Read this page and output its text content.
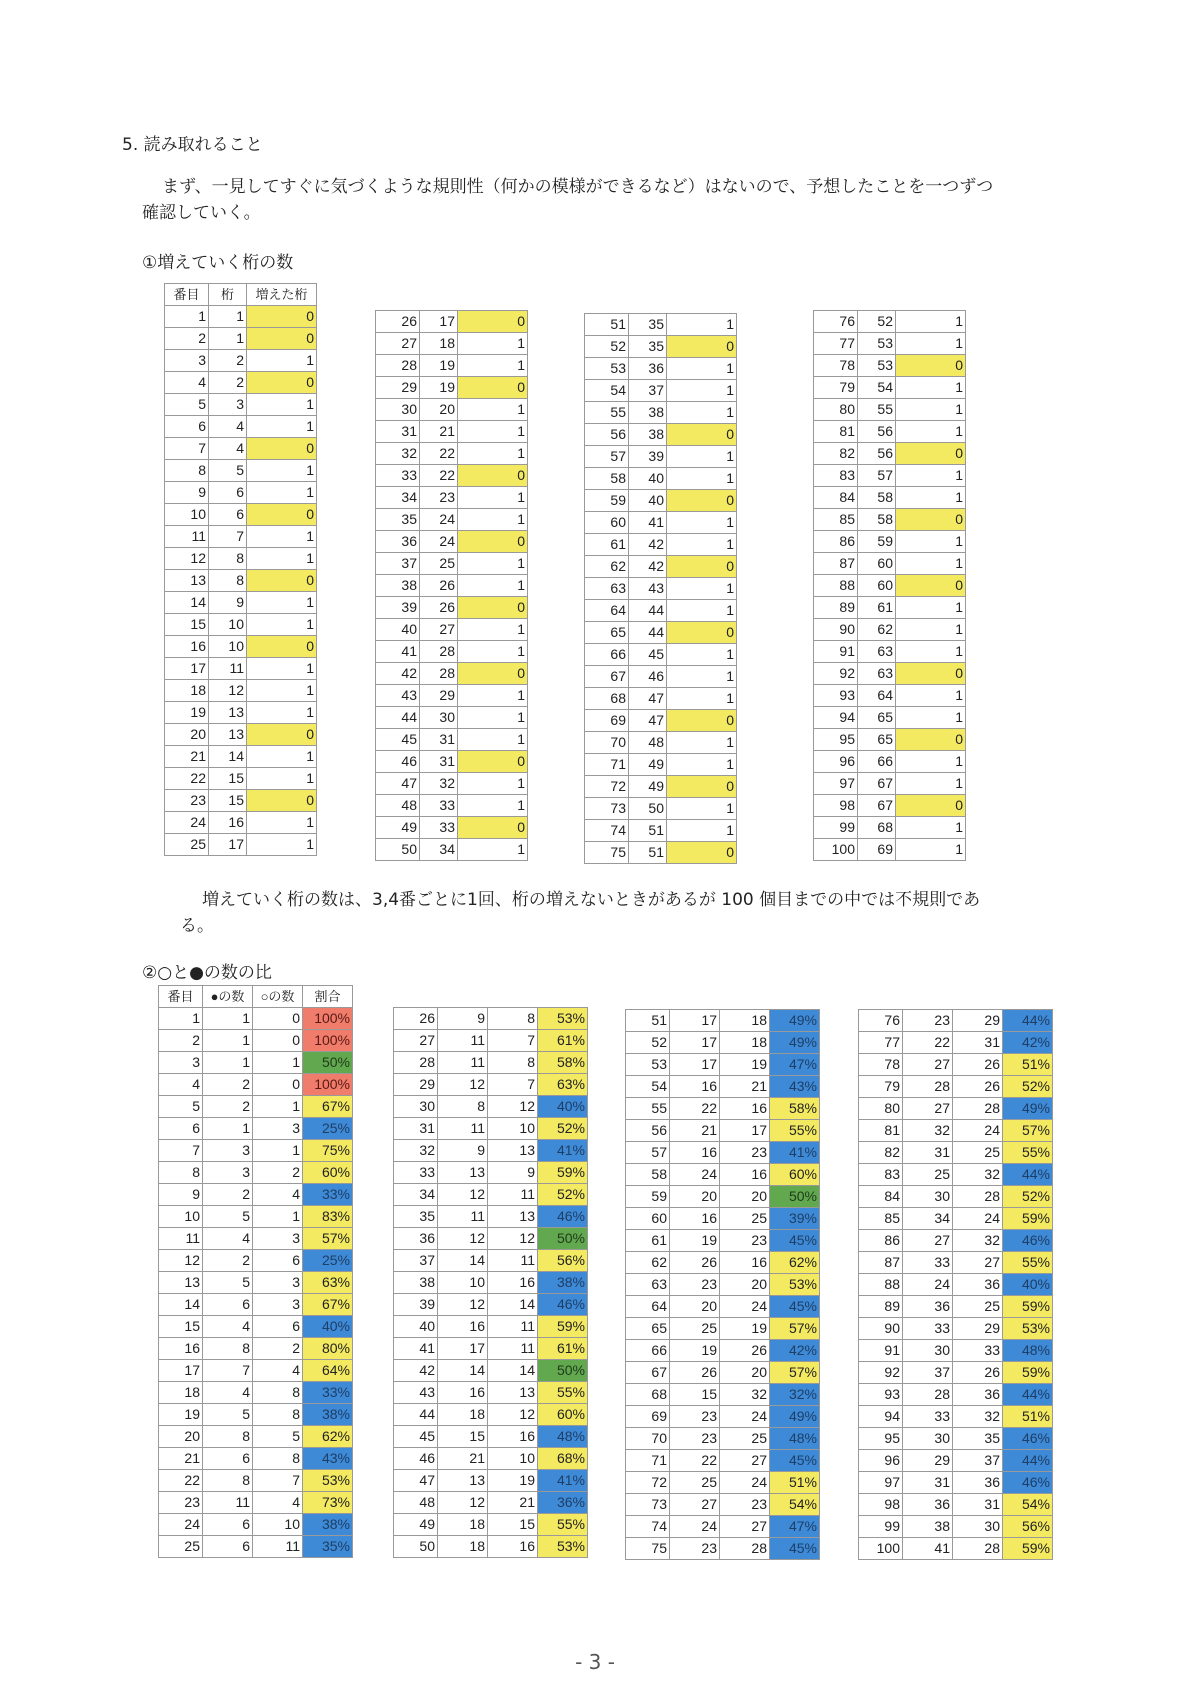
5. 読み取れること
まず、一見してすぐに気づくような規則性（何かの模様ができるなど）はないので、予想したことを一つずつ
確認していく。
①増えていく桁の数
番目	桁	増えた桁
1	1	0
2	1	0
3	2	1
4	2	0
5	3	1
6	4	1
7	4	0
8	5	1
9	6	1
10	6	0
11	7	1
12	8	1
13	8	0
14	9	1
15	10	1
16	10	0
17	11	1
18	12	1
19	13	1
20	13	0
21	14	1
22	15	1
23	15	0
24	16	1
25	17	1
26	17	0
27	18	1
28	19	1
29	19	0
30	20	1
31	21	1
32	22	1
33	22	0
34	23	1
35	24	1
36	24	0
37	25	1
38	26	1
39	26	0
40	27	1
41	28	1
42	28	0
43	29	1
44	30	1
45	31	1
46	31	0
47	32	1
48	33	1
49	33	0
50	34	1
51	35	1
52	35	0
53	36	1
54	37	1
55	38	1
56	38	0
57	39	1
58	40	1
59	40	0
60	41	1
61	42	1
62	42	0
63	43	1
64	44	1
65	44	0
66	45	1
67	46	1
68	47	1
69	47	0
70	48	1
71	49	1
72	49	0
73	50	1
74	51	1
75	51	0
76	52	1
77	53	1
78	53	0
79	54	1
80	55	1
81	56	1
82	56	0
83	57	1
84	58	1
85	58	0
86	59	1
87	60	1
88	60	0
89	61	1
90	62	1
91	63	1
92	63	0
93	64	1
94	65	1
95	65	0
96	66	1
97	67	1
98	67	0
99	68	1
100	69	1
増えていく桁の数は、3,4番ごとに1回、桁の増えないときがあるが 100 個目までの中では不規則であ
る。
②○と●の数の比
番目	●の数	○の数	割合
1	1	0	100%
2	1	0	100%
3	1	1	50%
4	2	0	100%
5	2	1	67%
6	1	3	25%
7	3	1	75%
8	3	2	60%
9	2	4	33%
10	5	1	83%
11	4	3	57%
12	2	6	25%
13	5	3	63%
14	6	3	67%
15	4	6	40%
16	8	2	80%
17	7	4	64%
18	4	8	33%
19	5	8	38%
20	8	5	62%
21	6	8	43%
22	8	7	53%
23	11	4	73%
24	6	10	38%
25	6	11	35%
26	9	8	53%
27	11	7	61%
28	11	8	58%
29	12	7	63%
30	8	12	40%
31	11	10	52%
32	9	13	41%
33	13	9	59%
34	12	11	52%
35	11	13	46%
36	12	12	50%
37	14	11	56%
38	10	16	38%
39	12	14	46%
40	16	11	59%
41	17	11	61%
42	14	14	50%
43	16	13	55%
44	18	12	60%
45	15	16	48%
46	21	10	68%
47	13	19	41%
48	12	21	36%
49	18	15	55%
50	18	16	53%
51	17	18	49%
52	17	18	49%
53	17	19	47%
54	16	21	43%
55	22	16	58%
56	21	17	55%
57	16	23	41%
58	24	16	60%
59	20	20	50%
60	16	25	39%
61	19	23	45%
62	26	16	62%
63	23	20	53%
64	20	24	45%
65	25	19	57%
66	19	26	42%
67	26	20	57%
68	15	32	32%
69	23	24	49%
70	23	25	48%
71	22	27	45%
72	25	24	51%
73	27	23	54%
74	24	27	47%
75	23	28	45%
76	23	29	44%
77	22	31	42%
78	27	26	51%
79	28	26	52%
80	27	28	49%
81	32	24	57%
82	31	25	55%
83	25	32	44%
84	30	28	52%
85	34	24	59%
86	27	32	46%
87	33	27	55%
88	24	36	40%
89	36	25	59%
90	33	29	53%
91	30	33	48%
92	37	26	59%
93	28	36	44%
94	33	32	51%
95	30	35	46%
96	29	37	44%
97	31	36	46%
98	36	31	54%
99	38	30	56%
100	41	28	59%
- 3 -
